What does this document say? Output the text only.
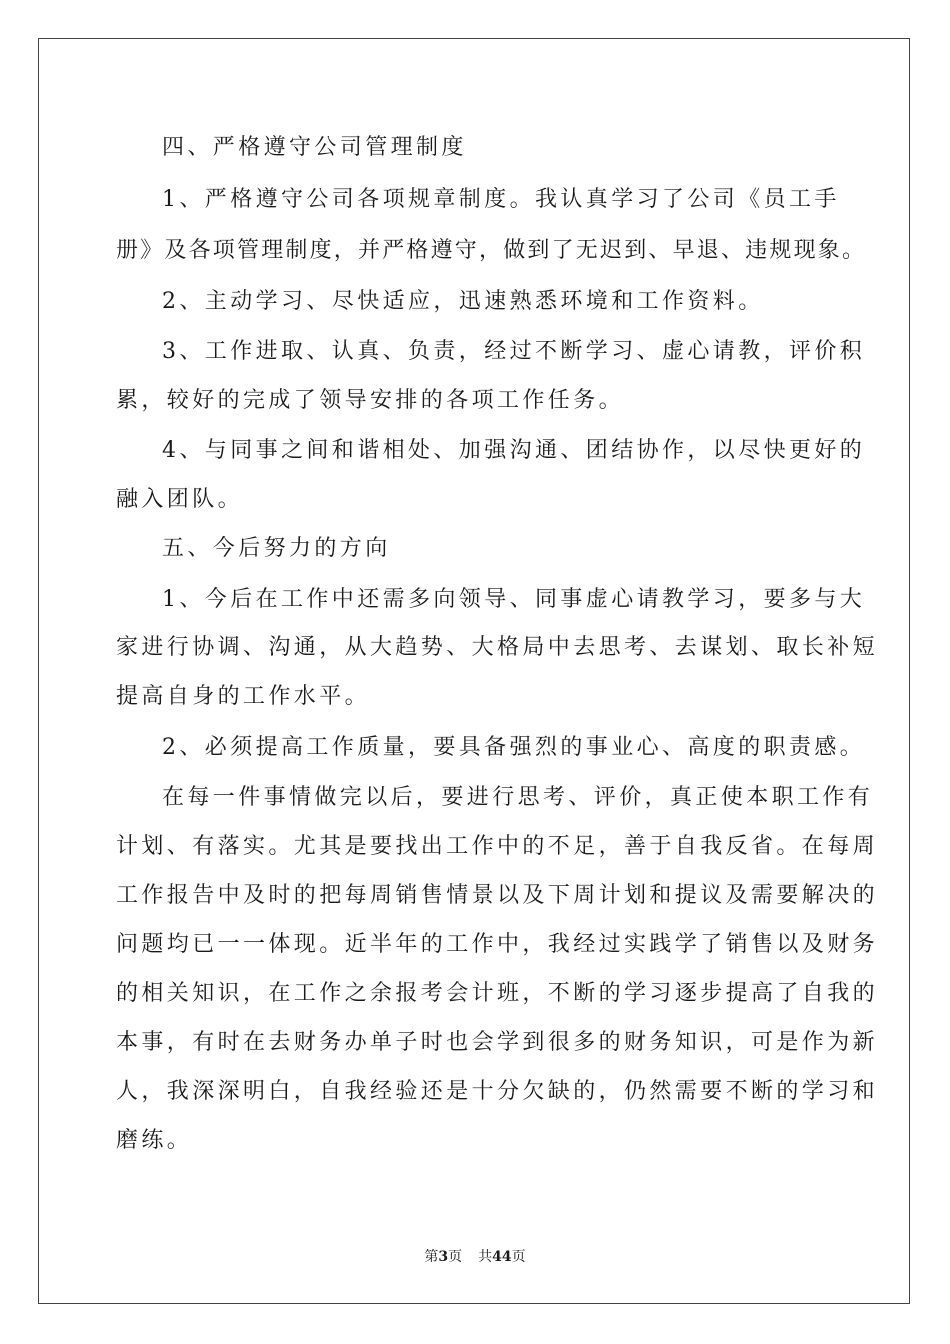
四、严格遵守公司管理制度
1、严格遵守公司各项规章制度。我认真学习了公司《员工手
册》及各项管理制度，并严格遵守，做到了无迟到、早退、违规现象。
2、主动学习、尽快适应，迅速熟悉环境和工作资料。
3、工作进取、认真、负责，经过不断学习、虚心请教，评价积
累，较好的完成了领导安排的各项工作任务。
4、与同事之间和谐相处、加强沟通、团结协作，以尽快更好的
融入团队。
五、今后努力的方向
1、今后在工作中还需多向领导、同事虚心请教学习，要多与大
家进行协调、沟通，从大趋势、大格局中去思考、去谋划、取长补短
提高自身的工作水平。
2、必须提高工作质量，要具备强烈的事业心、高度的职责感。
在每一件事情做完以后，要进行思考、评价，真正使本职工作有
计划、有落实。尤其是要找出工作中的不足，善于自我反省。在每周
工作报告中及时的把每周销售情景以及下周计划和提议及需要解决的
问题均已一一体现。近半年的工作中，我经过实践学了销售以及财务
的相关知识，在工作之余报考会计班，不断的学习逐步提高了自我的
本事，有时在去财务办单子时也会学到很多的财务知识，可是作为新
人，我深深明白，自我经验还是十分欠缺的，仍然需要不断的学习和
磨练。
第3页 共44页
